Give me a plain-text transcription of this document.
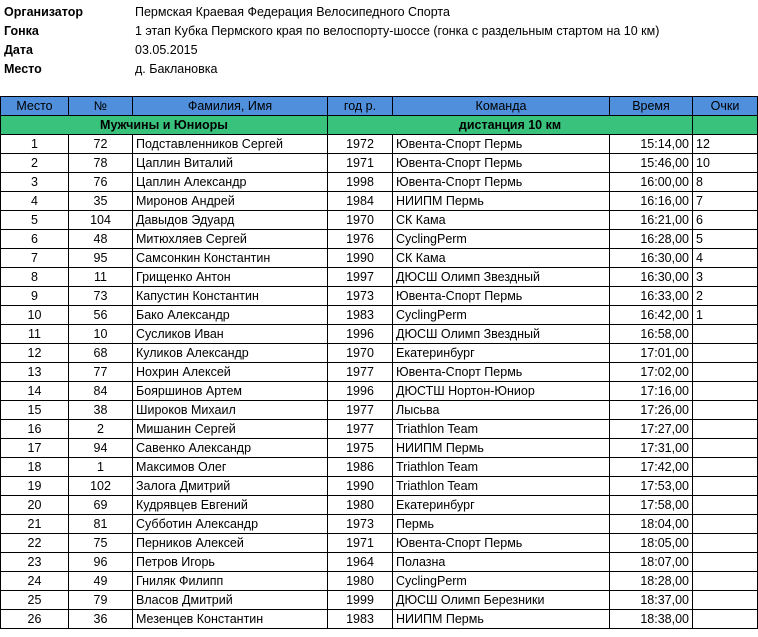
Организатор	Пермская Краевая Федерация Велосипедного Спорта
Гонка	1 этап Кубка Пермского края по велоспорту-шоссе (гонка с раздельным стартом на 10 км)
Дата	03.05.2015
Место	д. Баклановка
Место	№	Фамилия, Имя	год р.	Команда	Время	Очки
Мужчины и Юниоры			дистанция 10 км			
1	72	Подставленников Сергей	1972	Ювента-Спорт Пермь	15:14,00	12
2	78	Цаплин Виталий	1971	Ювента-Спорт Пермь	15:46,00	10
3	76	Цаплин Александр	1998	Ювента-Спорт Пермь	16:00,00	8
4	35	Миронов Андрей	1984	НИИПМ Пермь	16:16,00	7
5	104	Давыдов Эдуард	1970	СК Кама	16:21,00	6
6	48	Митюхляев Сергей	1976	CyclingPerm	16:28,00	5
7	95	Самсонкин Константин	1990	СК Кама	16:30,00	4
8	11	Грищенко Антон	1997	ДЮСШ Олимп Звездный	16:30,00	3
9	73	Капустин Константин	1973	Ювента-Спорт Пермь	16:33,00	2
10	56	Бако Александр	1983	CyclingPerm	16:42,00	1
11	10	Сусликов Иван	1996	ДЮСШ Олимп Звездный	16:58,00	
12	68	Куликов Александр	1970	Екатеринбург	17:01,00	
13	77	Нохрин Алексей	1977	Ювента-Спорт Пермь	17:02,00	
14	84	Бояршинов Артем	1996	ДЮСТШ Нортон-Юниор	17:16,00	
15	38	Широков Михаил	1977	Лысьва	17:26,00	
16	2	Мишанин Сергей	1977	Triathlon Team	17:27,00	
17	94	Савенко Александр	1975	НИИПМ Пермь	17:31,00	
18	1	Максимов Олег	1986	Triathlon Team	17:42,00	
19	102	Залога Дмитрий	1990	Triathlon Team	17:53,00	
20	69	Кудрявцев Евгений	1980	Екатеринбург	17:58,00	
21	81	Субботин Александр	1973	Пермь	18:04,00	
22	75	Перников Алексей	1971	Ювента-Спорт Пермь	18:05,00	
23	96	Петров Игорь	1964	Полазна	18:07,00	
24	49	Гниляк Филипп	1980	CyclingPerm	18:28,00	
25	79	Власов Дмитрий	1999	ДЮСШ Олимп Березники	18:37,00	
26	36	Мезенцев Константин	1983	НИИПМ Пермь	18:38,00	
